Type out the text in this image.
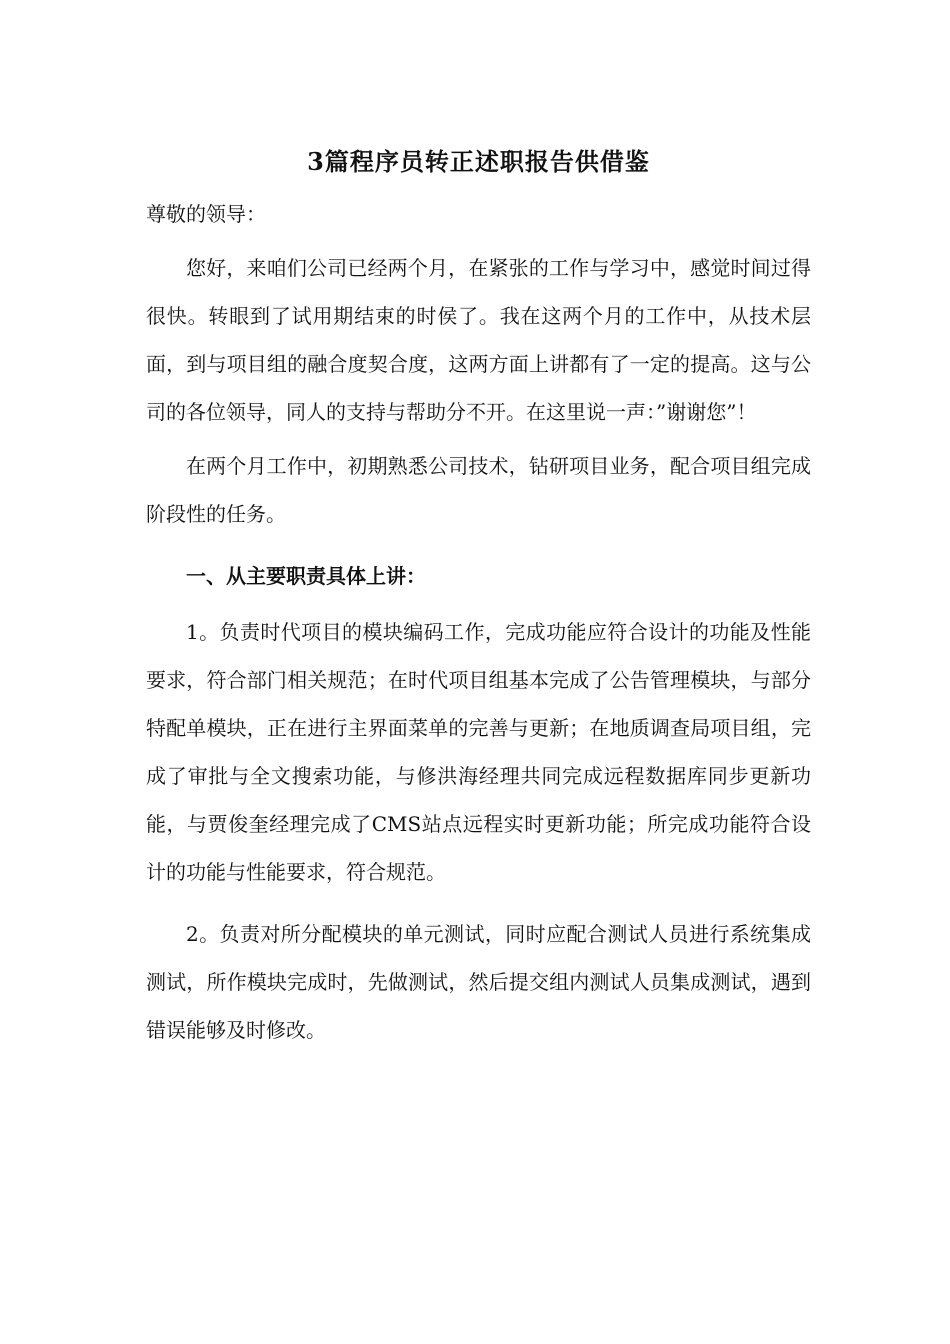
3篇程序员转正述职报告供借鉴

尊敬的领导：

您好，来咱们公司已经两个月，在紧张的工作与学习中，感觉时间过得很快。转眼到了试用期结束的时侯了。我在这两个月的工作中，从技术层面，到与项目组的融合度契合度，这两方面上讲都有了一定的提高。这与公司的各位领导，同人的支持与帮助分不开。在这里说一声：”谢谢您”！

在两个月工作中，初期熟悉公司技术，钻研项目业务，配合项目组完成阶段性的任务。

一、从主要职责具体上讲：

1。负责时代项目的模块编码工作，完成功能应符合设计的功能及性能要求，符合部门相关规范；在时代项目组基本完成了公告管理模块，与部分特配单模块，正在进行主界面菜单的完善与更新；在地质调查局项目组，完成了审批与全文搜索功能，与修洪海经理共同完成远程数据库同步更新功能，与贾俊奎经理完成了CMS站点远程实时更新功能；所完成功能符合设计的功能与性能要求，符合规范。

2。负责对所分配模块的单元测试，同时应配合测试人员进行系统集成测试，所作模块完成时，先做测试，然后提交组内测试人员集成测试，遇到错误能够及时修改。
